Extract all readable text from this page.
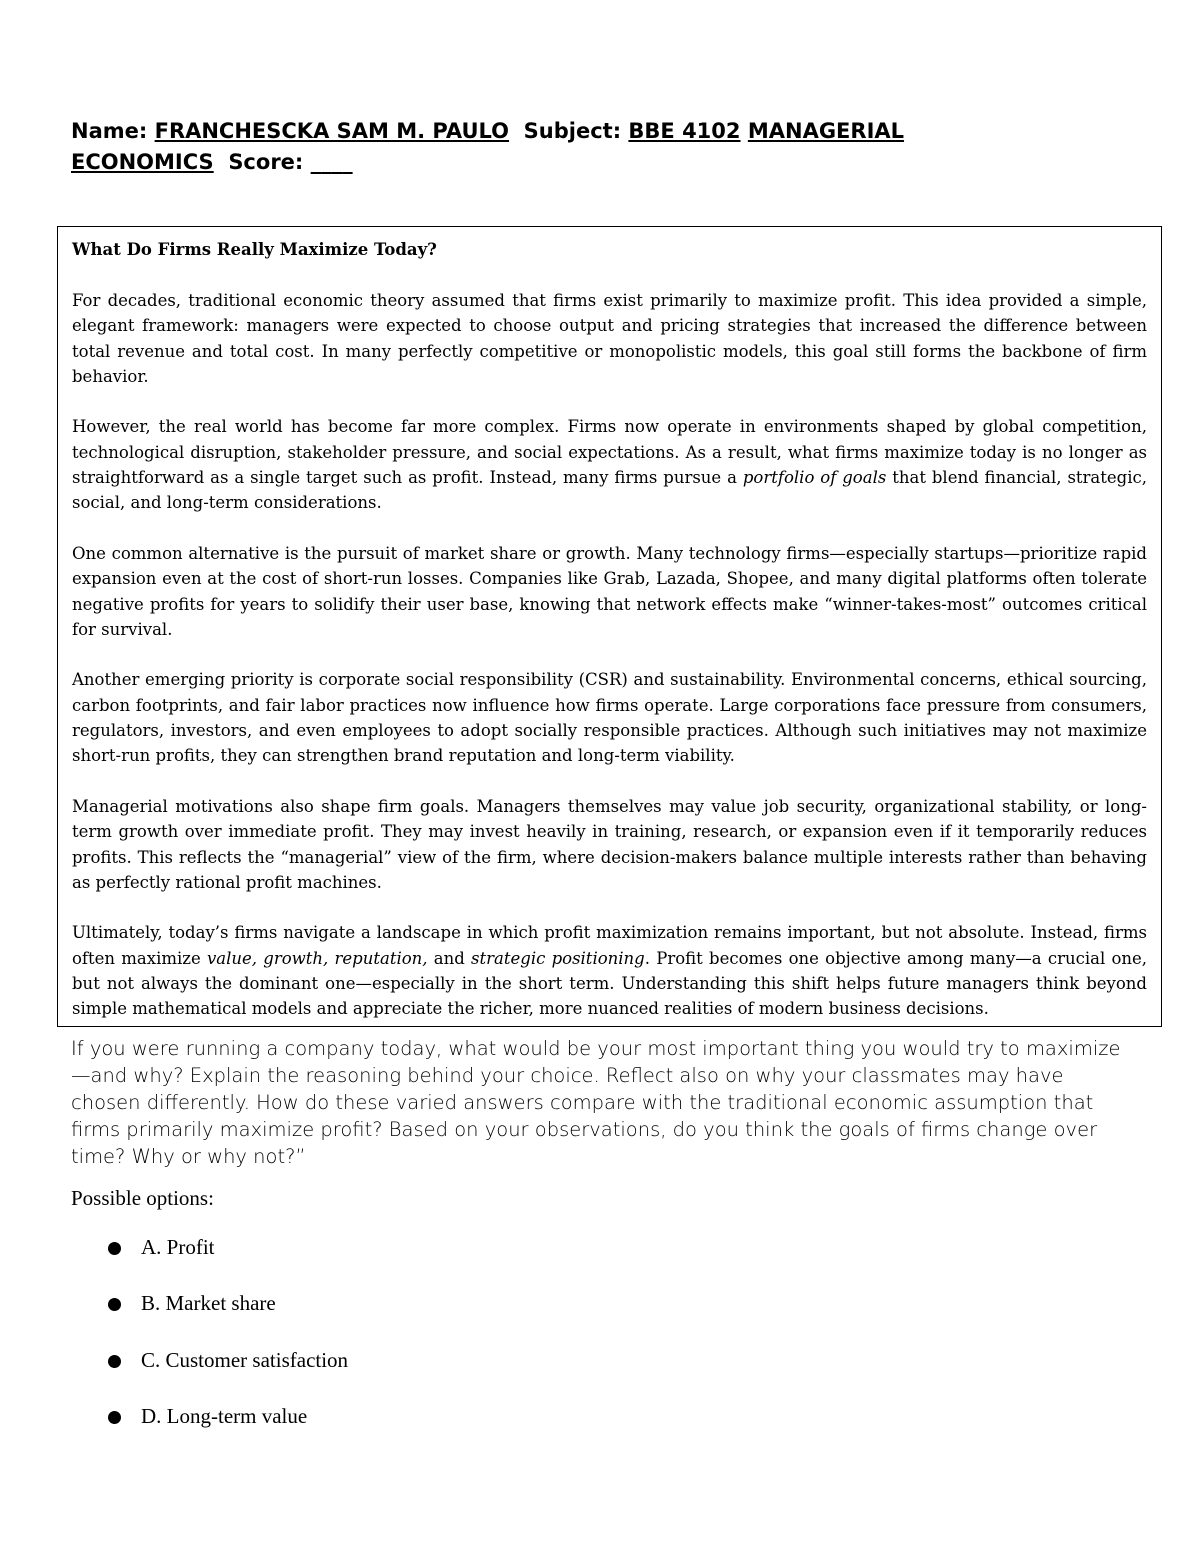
Name: FRANCHESCKA SAM M. PAULO Subject: BBE 4102 MANAGERIAL
ECONOMICS Score: ____
What Do Firms Really Maximize Today?

For decades, traditional economic theory assumed that firms exist primarily to maximize profit. This idea provided a simple, elegant framework: managers were expected to choose output and pricing strategies that increased the difference between total revenue and total cost. In many perfectly competitive or monopolistic models, this goal still forms the backbone of firm behavior.

However, the real world has become far more complex. Firms now operate in environments shaped by global competition, technological disruption, stakeholder pressure, and social expectations. As a result, what firms maximize today is no longer as straightforward as a single target such as profit. Instead, many firms pursue a portfolio of goals that blend financial, strategic, social, and long-term considerations.

One common alternative is the pursuit of market share or growth. Many technology firms—especially startups—prioritize rapid expansion even at the cost of short-run losses. Companies like Grab, Lazada, Shopee, and many digital platforms often tolerate negative profits for years to solidify their user base, knowing that network effects make “winner-takes-most” outcomes critical for survival.

Another emerging priority is corporate social responsibility (CSR) and sustainability. Environmental concerns, ethical sourcing, carbon footprints, and fair labor practices now influence how firms operate. Large corporations face pressure from consumers, regulators, investors, and even employees to adopt socially responsible practices. Although such initiatives may not maximize short-run profits, they can strengthen brand reputation and long-term viability.

Managerial motivations also shape firm goals. Managers themselves may value job security, organizational stability, or long-term growth over immediate profit. They may invest heavily in training, research, or expansion even if it temporarily reduces profits. This reflects the “managerial” view of the firm, where decision-makers balance multiple interests rather than behaving as perfectly rational profit machines.

Ultimately, today’s firms navigate a landscape in which profit maximization remains important, but not absolute. Instead, firms often maximize value, growth, reputation, and strategic positioning. Profit becomes one objective among many—a crucial one, but not always the dominant one—especially in the short term. Understanding this shift helps future managers think beyond simple mathematical models and appreciate the richer, more nuanced realities of modern business decisions.

If you were running a company today, what would be your most important thing you would try to maximize—and why? Explain the reasoning behind your choice. Reflect also on why your classmates may have chosen differently. How do these varied answers compare with the traditional economic assumption that firms primarily maximize profit? Based on your observations, do you think the goals of firms change over time? Why or why not?”
Possible options:
A. Profit
B. Market share
C. Customer satisfaction
D. Long-term value
